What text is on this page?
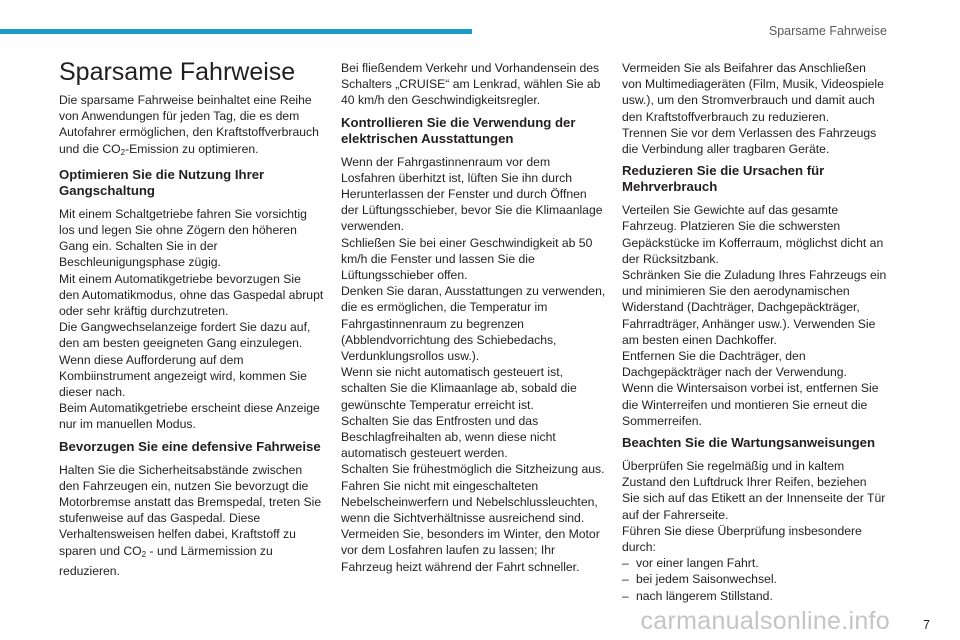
Sparsame Fahrweise
Sparsame Fahrweise

Die sparsame Fahrweise beinhaltet eine Reihe von Anwendungen für jeden Tag, die es dem Autofahrer ermöglichen, den Kraftstoffverbrauch und die $CO_2$-Emission zu optimieren.

Optimieren Sie die Nutzung Ihrer Gangschaltung

Mit einem Schaltgetriebe fahren Sie vorsichtig los und legen Sie ohne Zögern den höheren Gang ein. Schalten Sie in der Beschleunigungsphase zügig.

Mit einem Automatikgetriebe bevorzugen Sie den Automatikmodus, ohne das Gaspedal abrupt oder sehr kräftig durchzutreten.

Die Gangwechselanzeige fordert Sie dazu auf, den am besten geeigneten Gang einzulegen. Wenn diese Aufforderung auf dem Kombiinstrument angezeigt wird, kommen Sie dieser nach.

Beim Automatikgetriebe erscheint diese Anzeige nur im manuellen Modus.

Bevorzugen Sie eine defensive Fahrweise

Halten Sie die Sicherheitsabstände zwischen den Fahrzeugen ein, nutzen Sie bevorzugt die Motorbremse anstatt das Bremspedal, treten Sie stufenweise auf das Gaspedal. Diese Verhaltensweisen helfen dabei, Kraftstoff zu sparen und $CO_2$ - und Lärmemission zu reduzieren.

Bei fließendem Verkehr und Vorhandensein des Schalters „CRUISE“ am Lenkrad, wählen Sie ab 40 km/h den Geschwindigkeitsregler.

Kontrollieren Sie die Verwendung der elektrischen Ausstattungen

Wenn der Fahrgastinnenraum vor dem Losfahren überhitzt ist, lüften Sie ihn durch Herunterlassen der Fenster und durch Öffnen der Lüftungsschieber, bevor Sie die Klimaanlage verwenden.

Schließen Sie bei einer Geschwindigkeit ab 50 km/h die Fenster und lassen Sie die Lüftungsschieber offen.

Denken Sie daran, Ausstattungen zu verwenden, die es ermöglichen, die Temperatur im Fahrgastinnenraum zu begrenzen (Abblendvorrichtung des Schiebedachs, Verdunklungsrollos usw.).

Wenn sie nicht automatisch gesteuert ist, schalten Sie die Klimaanlage ab, sobald die gewünschte Temperatur erreicht ist.

Schalten Sie das Entfrosten und das Beschlagfreihalten ab, wenn diese nicht automatisch gesteuert werden.

Schalten Sie frühestmöglich die Sitzheizung aus.

Fahren Sie nicht mit eingeschalteten Nebelscheinwerfern und Nebelschlussleuchten, wenn die Sichtverhältnisse ausreichend sind.

Vermeiden Sie, besonders im Winter, den Motor vor dem Losfahren laufen zu lassen; Ihr Fahrzeug heizt während der Fahrt schneller.

Vermeiden Sie als Beifahrer das Anschließen von Multimediageräten (Film, Musik, Videospiele usw.), um den Stromverbrauch und damit auch den Kraftstoffverbrauch zu reduzieren.

Trennen Sie vor dem Verlassen des Fahrzeugs die Verbindung aller tragbaren Geräte.

Reduzieren Sie die Ursachen für Mehrverbrauch

Verteilen Sie Gewichte auf das gesamte Fahrzeug. Platzieren Sie die schwersten Gepäckstücke im Kofferraum, möglichst dicht an der Rücksitzbank.

Schränken Sie die Zuladung Ihres Fahrzeugs ein und minimieren Sie den aerodynamischen Widerstand (Dachträger, Dachgepäckträger, Fahrradträger, Anhänger usw.). Verwenden Sie am besten einen Dachkoffer.

Entfernen Sie die Dachträger, den Dachgepäckträger nach der Verwendung.

Wenn die Wintersaison vorbei ist, entfernen Sie die Winterreifen und montieren Sie erneut die Sommerreifen.

Beachten Sie die Wartungsanweisungen

Überprüfen Sie regelmäßig und in kaltem Zustand den Luftdruck Ihrer Reifen, beziehen Sie sich auf das Etikett an der Innenseite der Tür auf der Fahrerseite.

Führen Sie diese Überprüfung insbesondere durch:

– vor einer langen Fahrt.
– bei jedem Saisonwechsel.
– nach längerem Stillstand.
carmanualsonline.info	7
